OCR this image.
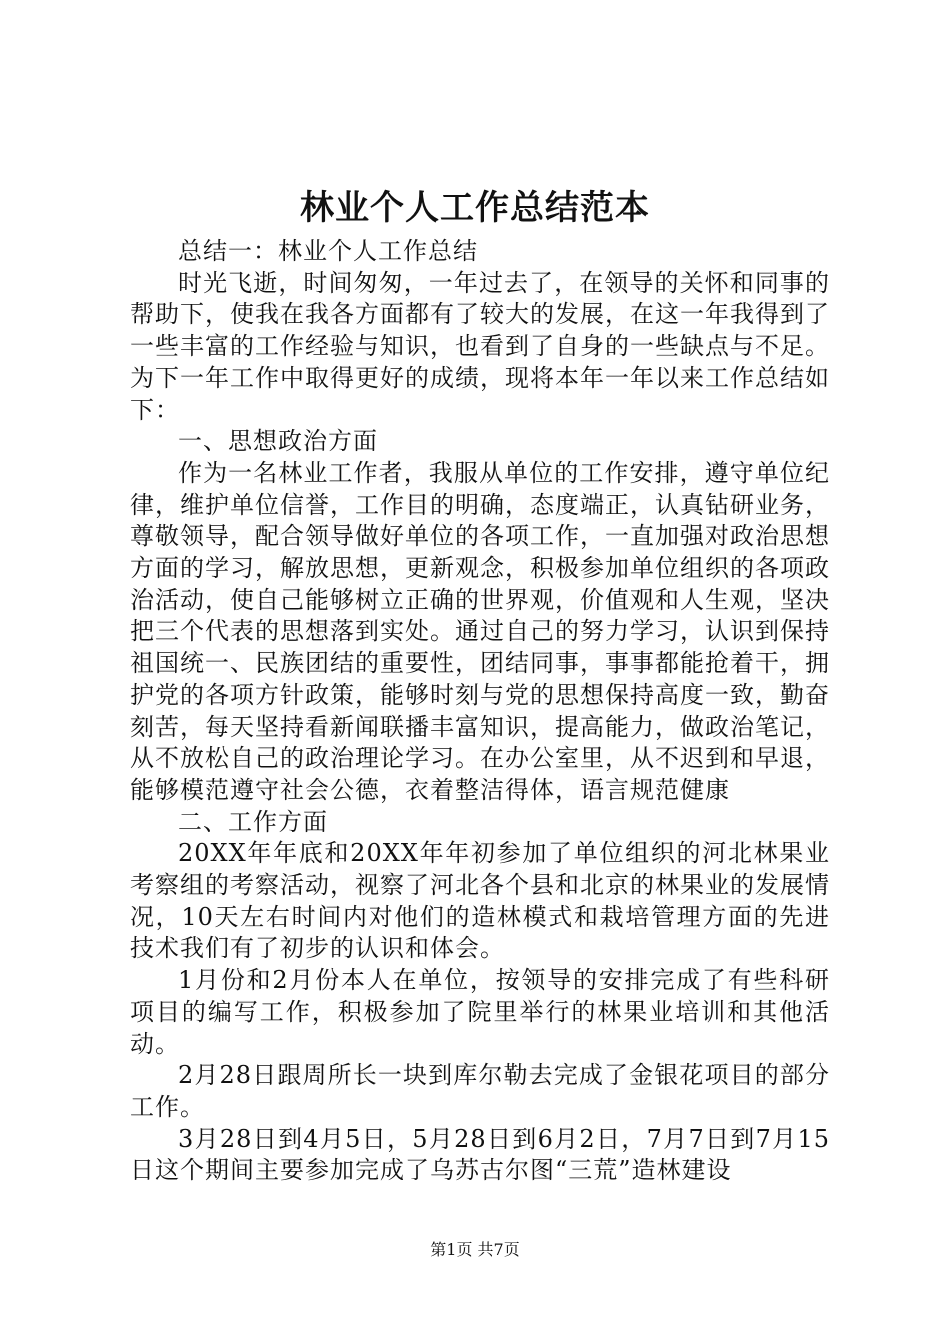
林业个人工作总结范本

总结一：林业个人工作总结

时光飞逝，时间匆匆，一年过去了，在领导的关怀和同事的帮助下，使我在我各方面都有了较大的发展，在这一年我得到了一些丰富的工作经验与知识，也看到了自身的一些缺点与不足。为下一年工作中取得更好的成绩，现将本年一年以来工作总结如下：

一、思想政治方面

作为一名林业工作者，我服从单位的工作安排，遵守单位纪律，维护单位信誉，工作目的明确，态度端正，认真钻研业务，尊敬领导，配合领导做好单位的各项工作，一直加强对政治思想方面的学习，解放思想，更新观念，积极参加单位组织的各项政治活动，使自己能够树立正确的世界观，价值观和人生观，坚决把三个代表的思想落到实处。通过自己的努力学习，认识到保持祖国统一、民族团结的重要性，团结同事，事事都能抢着干，拥护党的各项方针政策，能够时刻与党的思想保持高度一致，勤奋刻苦，每天坚持看新闻联播丰富知识，提高能力，做政治笔记，从不放松自己的政治理论学习。在办公室里，从不迟到和早退，能够模范遵守社会公德，衣着整洁得体，语言规范健康

二、工作方面

20XX年年底和20XX年年初参加了单位组织的河北林果业考察组的考察活动，视察了河北各个县和北京的林果业的发展情况，10天左右时间内对他们的造林模式和栽培管理方面的先进技术我们有了初步的认识和体会。

1月份和2月份本人在单位，按领导的安排完成了有些科研项目的编写工作，积极参加了院里举行的林果业培训和其他活动。

2月28日跟周所长一块到库尔勒去完成了金银花项目的部分工作。

3月28日到4月5日，5月28日到6月2日，7月7日到7月15日这个期间主要参加完成了乌苏古尔图“三荒”造林建设

第1页 共7页
